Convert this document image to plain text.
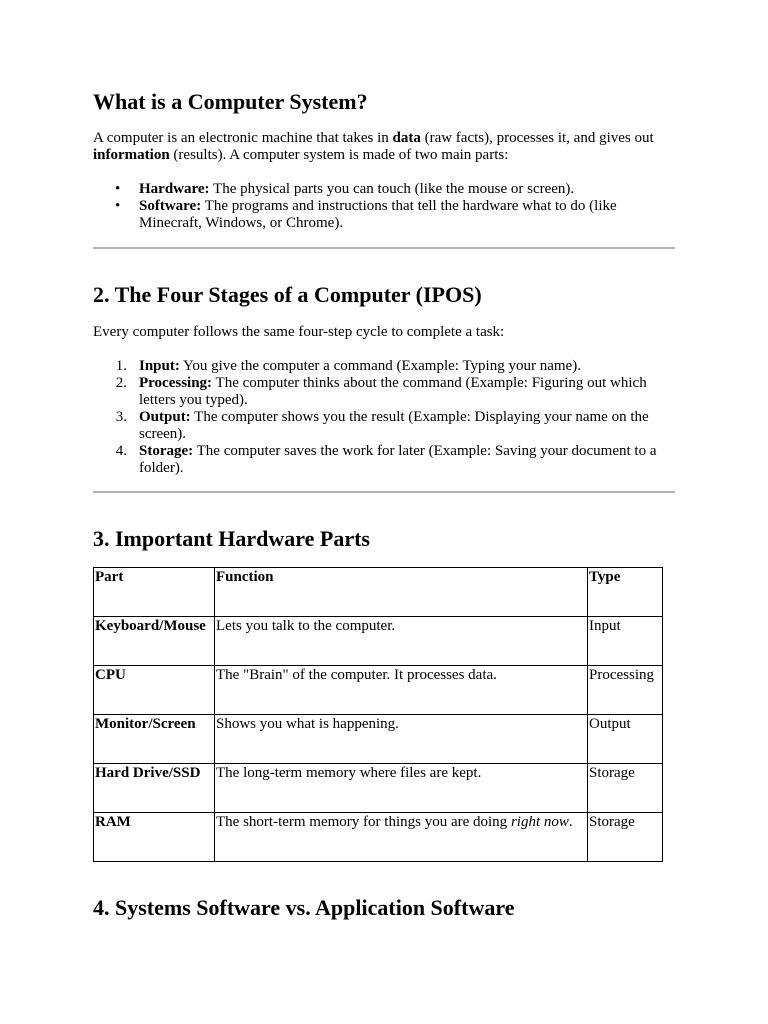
What is a Computer System?

A computer is an electronic machine that takes in data (raw facts), processes it, and gives out information (results). A computer system is made of two main parts:

• Hardware: The physical parts you can touch (like the mouse or screen).
• Software: The programs and instructions that tell the hardware what to do (like Minecraft, Windows, or Chrome).
2. The Four Stages of a Computer (IPOS)

Every computer follows the same four-step cycle to complete a task:

1. Input: You give the computer a command (Example: Typing your name).
2. Processing: The computer thinks about the command (Example: Figuring out which letters you typed).
3. Output: The computer shows you the result (Example: Displaying your name on the screen).
4. Storage: The computer saves the work for later (Example: Saving your document to a folder).
3. Important Hardware Parts
Part	Function	Type
Keyboard/Mouse	Lets you talk to the computer.	Input
CPU	The "Brain" of the computer. It processes data.	Processing
Monitor/Screen	Shows you what is happening.	Output
Hard Drive/SSD	The long-term memory where files are kept.	Storage
RAM	The short-term memory for things you are doing right now.	Storage
4. Systems Software vs. Application Software
